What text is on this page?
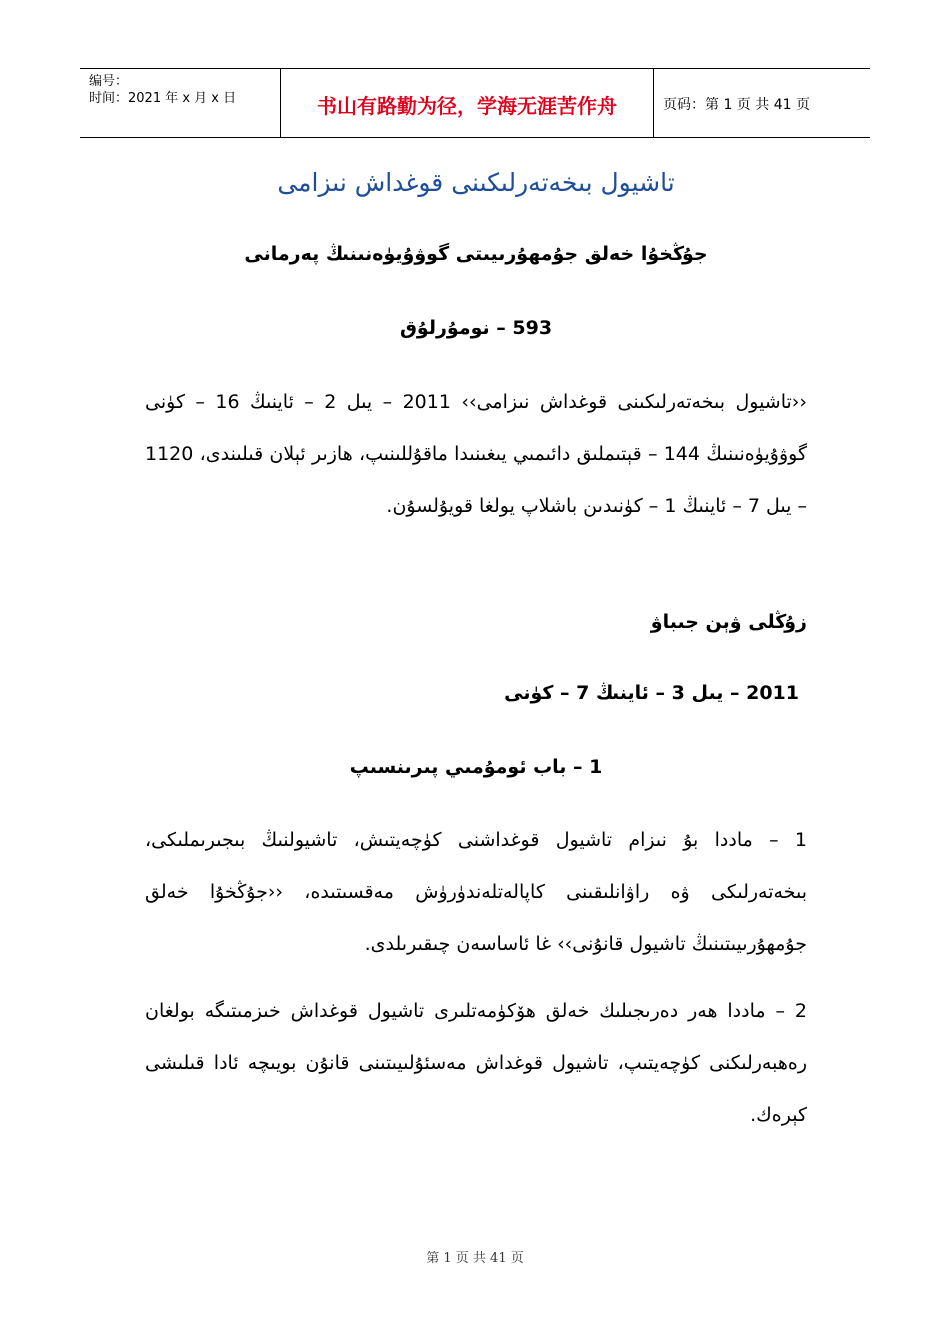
编号：
时间：2021 年 x 月 x 日	书山有路勤为径，学海无涯苦作舟	页码：第 1 页 共 41 页
تاشيول بىخەتەرلىكىنى قوغداش نىزامى
جۇڭخۇا خەلق جۇمھۇرىيىتى گوۋۇيۈەنىنىڭ پەرمانى
593 – نومۇرلۇق
‹‹تاشيول بىخەتەرلىكىنى قوغداش نىزامى›› 2011 – يىل 2 – ئاينىڭ 16 – كۈنى گوۋۇيۈەنىنىڭ 144 – قېتىملىق دائىمىي يىغىنىدا ماقۇللىنىپ، ھازىر ئېلان قىلىندى، 1120 – يىل 7 – ئاينىڭ 1 – كۈنىدىن باشلاپ يولغا قويۇلسۇن.
زۇڭلى ۋېن جىباۋ
2011 – يىل 3 – ئاينىڭ 7 – كۈنى
1 – باب ئومۇمىي پىرىنسىپ
1 – ماددا بۇ نىزام تاشيول قوغداشنى كۈچەيتىش، تاشيولنىڭ بىجىرىملىكى، بىخەتەرلىكى ۋە راۋانلىقىنى كاپالەتلەندۈرۈش مەقسىتىدە، ‹‹جۇڭخۇا خەلق جۇمھۇرىيىتىنىڭ تاشيول قانۇنى›› غا ئاساسەن چىقىرىلدى.
2 – ماددا ھەر دەرىجىلىك خەلق ھۆكۈمەتلىرى تاشيول قوغداش خىزمىتىگە بولغان رەھبەرلىكنى كۈچەيتىپ، تاشيول قوغداش مەسئۇلىيىتىنى قانۇن بويىچە ئادا قىلىشى كېرەك.
第 1 页 共 41 页
